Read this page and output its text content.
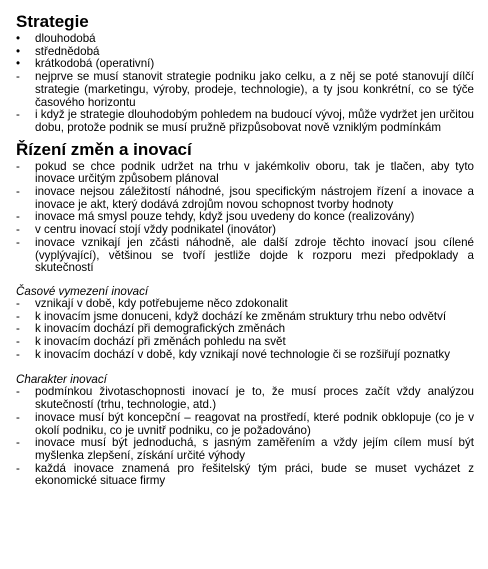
Strategie
•
dlouhodobá
•
střednědobá
•
krátkodobá (operativní)
-
nejprve se musí stanovit strategie podniku jako celku, a z něj se poté stanovují dílčí strategie (marketingu, výroby, prodeje, technologie), a ty jsou konkrétní, co se týče časového horizontu
-
i když je strategie dlouhodobým pohledem na budoucí vývoj, může vydržet jen určitou dobu, protože podnik se musí pružně přizpůsobovat nově vzniklým podmínkám
Řízení změn a inovací
-
pokud se chce podnik udržet na trhu v jakémkoliv oboru, tak je tlačen, aby tyto inovace určitým způsobem plánoval
-
inovace nejsou záležitostí náhodné, jsou specifickým nástrojem řízení a inovace a inovace je akt, který dodává zdrojům novou schopnost tvorby hodnoty
-
inovace má smysl pouze tehdy, když jsou uvedeny do konce (realizovány)
-
v centru inovací stojí vždy podnikatel (inovátor)
-
inovace vznikají jen zčásti náhodně, ale další zdroje těchto inovací jsou cílené (vyplývající), většinou se tvoří jestliže dojde k rozporu mezi předpoklady a skutečností

Časové vymezení inovací

-
vznikají v době, kdy potřebujeme něco zdokonalit
-
k inovacím jsme donuceni, když dochází ke změnám struktury trhu nebo odvětví
-
k inovacím dochází při demografických změnách
-
k inovacím dochází při změnách pohledu na svět
-
k inovacím dochází v době, kdy vznikají nové technologie či se rozšiřují poznatky

Charakter inovací

-
podmínkou životaschopnosti inovací je to, že musí proces začít vždy analýzou skutečností (trhu, technologie, atd.)
-
inovace musí být koncepční – reagovat na prostředí, které podnik obklopuje (co je v okolí podniku, co je uvnitř podniku, co je požadováno)
-
inovace musí být jednoduchá, s jasným zaměřením a vždy jejím cílem musí být myšlenka zlepšení, získání určité výhody
-
každá inovace znamená pro řešitelský tým práci, bude se muset vycházet z ekonomické situace firmy
